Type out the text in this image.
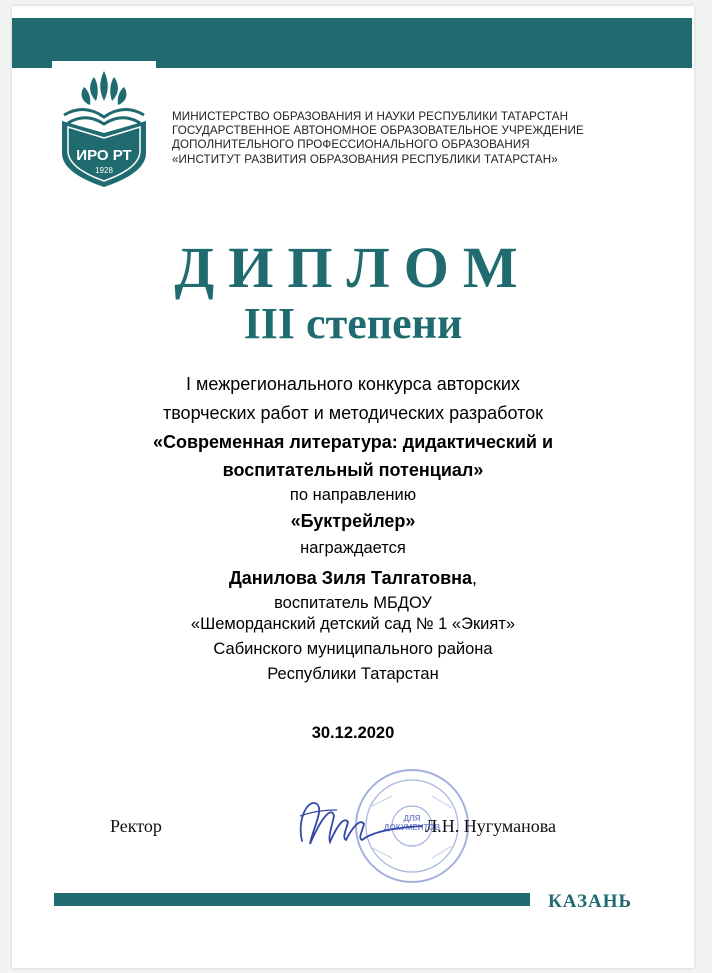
ИРО РТ
1928
МИНИСТЕРСТВО ОБРАЗОВАНИЯ И НАУКИ РЕСПУБЛИКИ ТАТАРСТАН
ГОСУДАРСТВЕННОЕ АВТОНОМНОЕ ОБРАЗОВАТЕЛЬНОЕ УЧРЕЖДЕНИЕ
ДОПОЛНИТЕЛЬНОГО ПРОФЕССИОНАЛЬНОГО ОБРАЗОВАНИЯ
«ИНСТИТУТ РАЗВИТИЯ ОБРАЗОВАНИЯ РЕСПУБЛИКИ ТАТАРСТАН»
ДИПЛОМ
III степени
I межрегионального конкурса авторских
творческих работ и методических разработок
«Современная литература: дидактический и
воспитательный потенциал»
по направлению
«Буктрейлер»
награждается
Данилова Зиля Талгатовна,
воспитатель МБДОУ
«Шеморданский детский сад № 1 «Экият»
Сабинского муниципального района
Республики Татарстан
30.12.2020
ДЛЯ ДОКУМЕНТОВ
Ректор	Л.Н. Нугуманова
КАЗАНЬ
